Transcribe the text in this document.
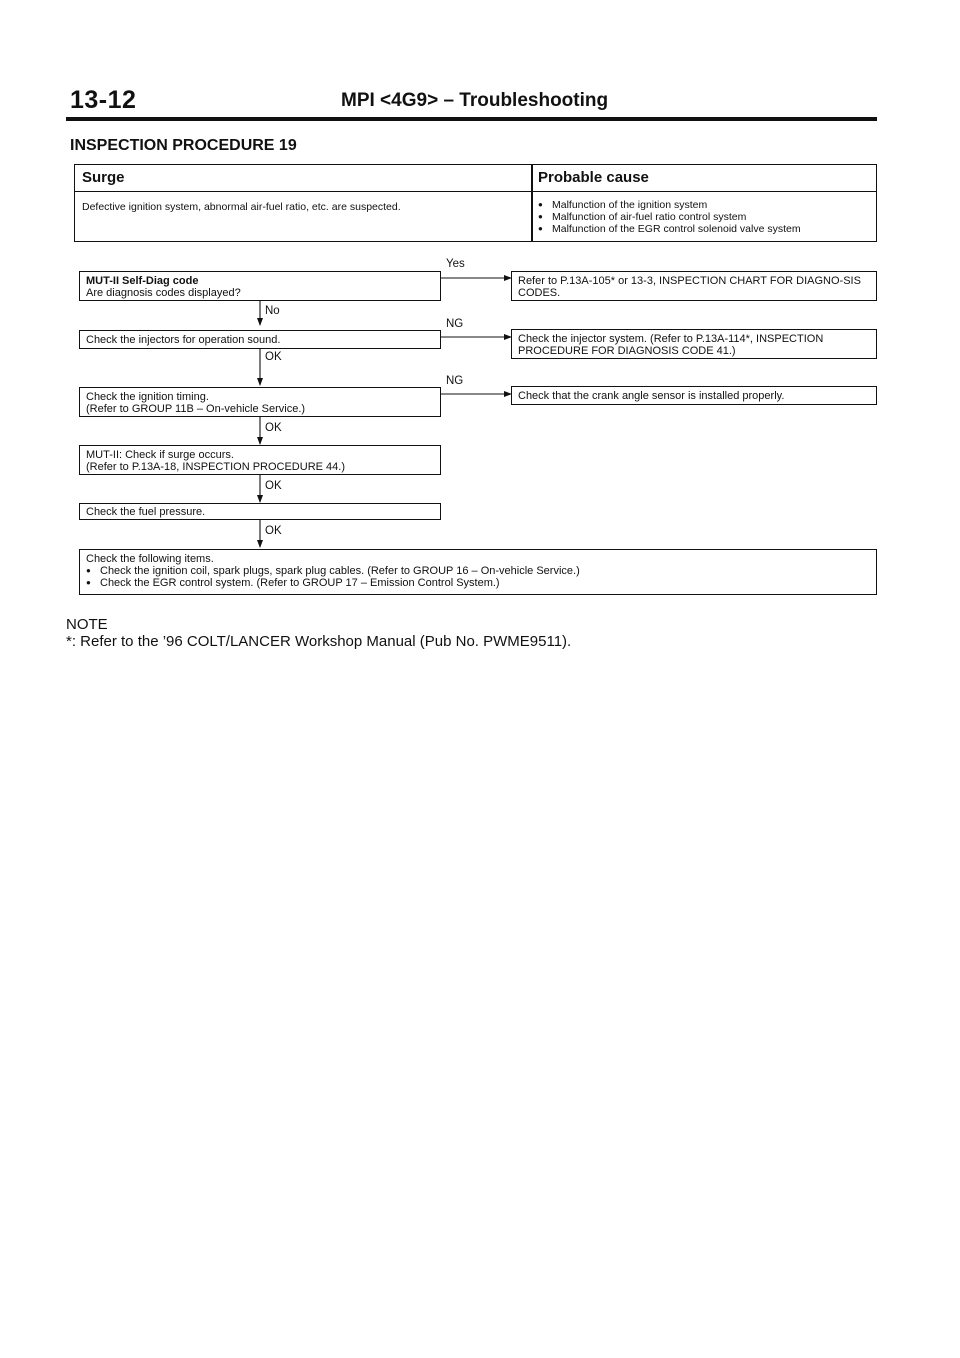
13-12	MPI <4G9> – Troubleshooting
INSPECTION PROCEDURE 19
Surge	Probable cause
Defective ignition system, abnormal air-fuel ratio, etc. are suspected.
●	Malfunction of the ignition system
● Malfunction of air-fuel ratio control system
● Malfunction of the EGR control solenoid valve system
Yes
No
NG
OK
NG
OK
OK
OK
MUT-II Self-Diag code
Are diagnosis codes displayed?
Refer to P.13A-105* or 13-3, INSPECTION CHART FOR DIAGNO-SIS CODES.
Check the injectors for operation sound.	Check the injector system. (Refer to P.13A-114*, INSPECTION PROCEDURE FOR DIAGNOSIS CODE 41.)
Check the ignition timing.
(Refer to GROUP 11B – On-vehicle Service.)
Check that the crank angle sensor is installed properly.
MUT-II: Check if surge occurs.
(Refer to P.13A-18, INSPECTION PROCEDURE 44.)
Check the fuel pressure.
Check the following items.
● Check the ignition coil, spark plugs, spark plug cables. (Refer to GROUP 16 – On-vehicle Service.)
● Check the EGR control system. (Refer to GROUP 17 – Emission Control System.)
NOTE
*: Refer to the ’96 COLT/LANCER Workshop Manual (Pub No. PWME9511).
